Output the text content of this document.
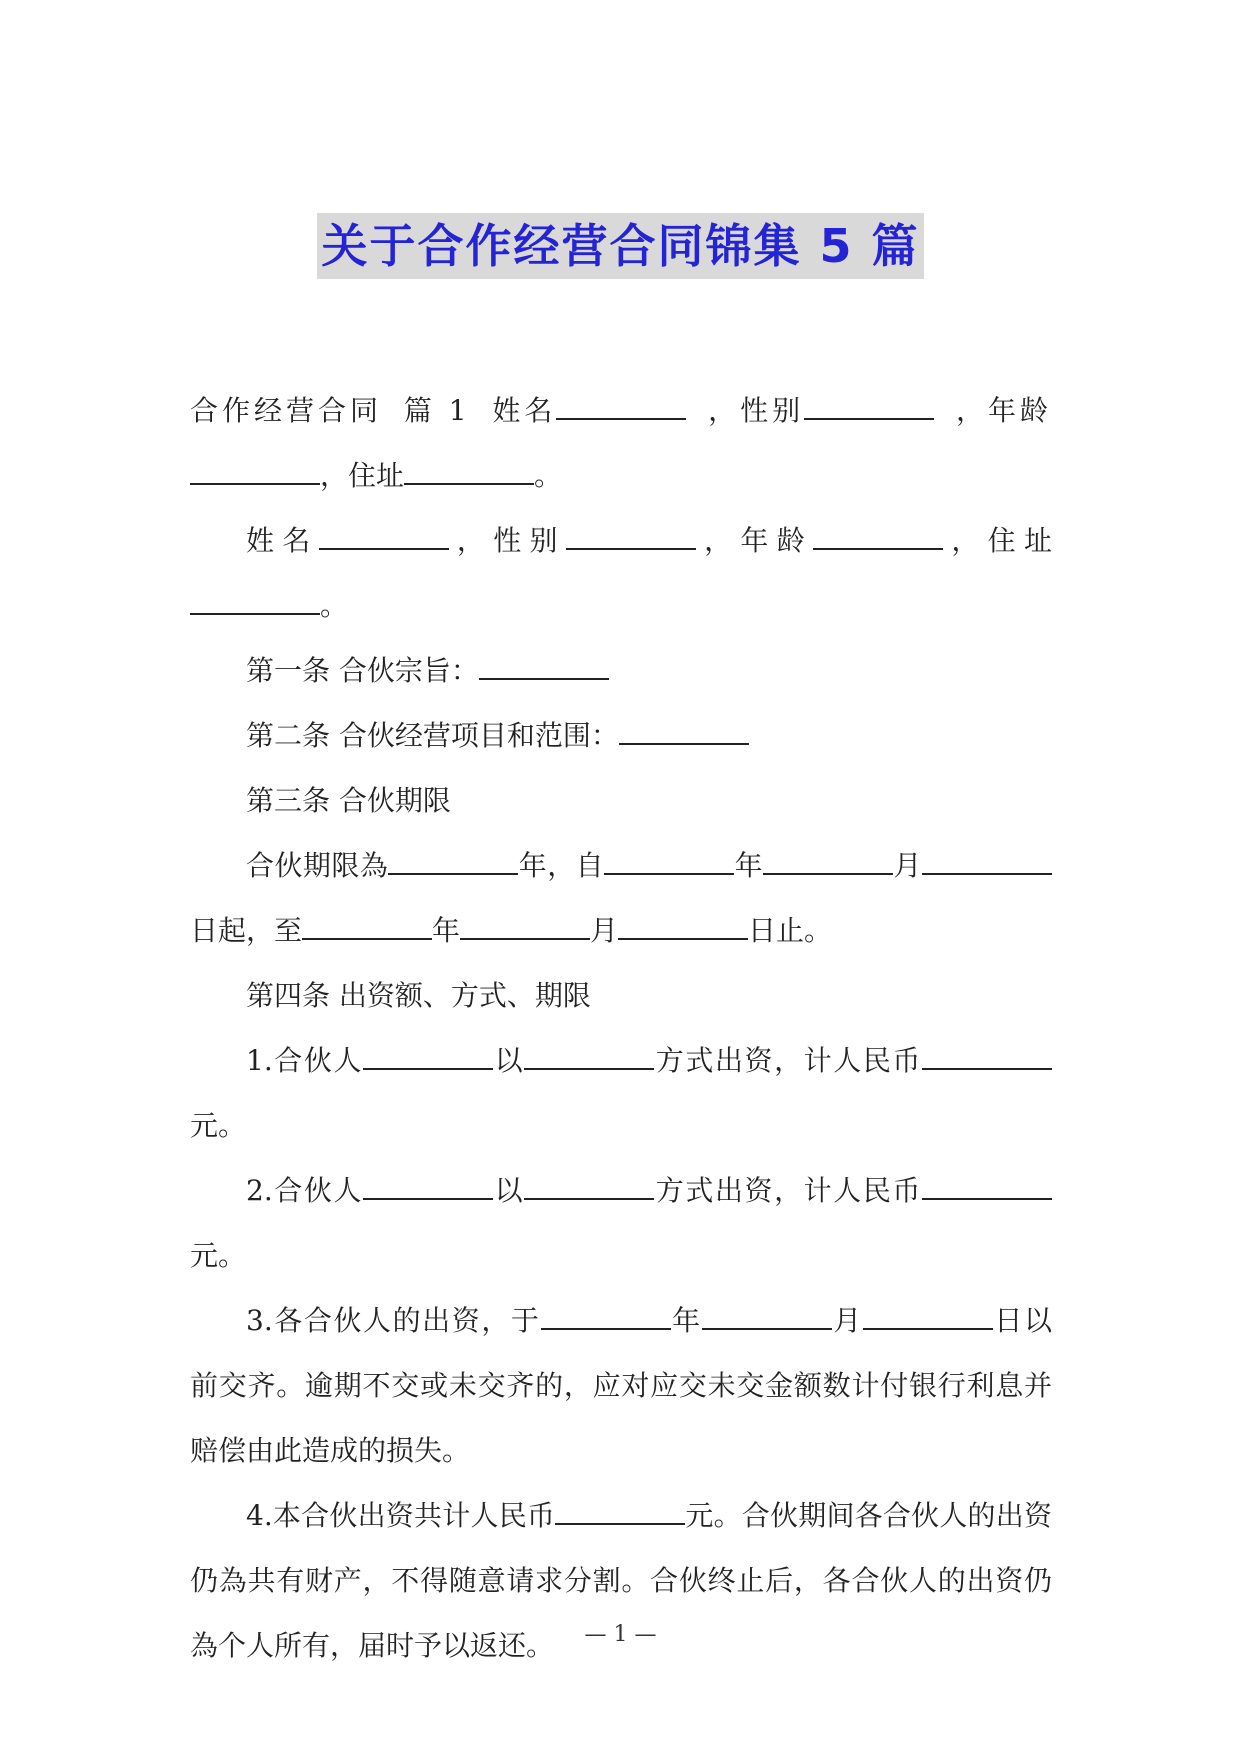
关于合作经营合同锦集 5 篇
合作经营合同 篇 1 姓名	，性别	，年龄

，住址	。

姓名	，性别	，年龄	，住址。

第一条 合伙宗旨：

第二条 合伙经营项目和范围：

第三条 合伙期限

合伙期限為	年，自	年	月日起，至	年	月	日止。

第四条 出资额、方式、期限

1.合伙人	以	方式出资，计人民币元。

2.合伙人	以	方式出资，计人民币元。

3.各合伙人的出资，于	年	月	日以前交齐。逾期不交或未交齐的，应对应交未交金额数计付银行利息并赔偿由此造成的损失。

4.本合伙出资共计人民币	元。合伙期间各合伙人的出资仍為共有财产，不得随意请求分割。合伙终止后，各合伙人的出资仍為个人所有，届时予以返还。	— 1 —
